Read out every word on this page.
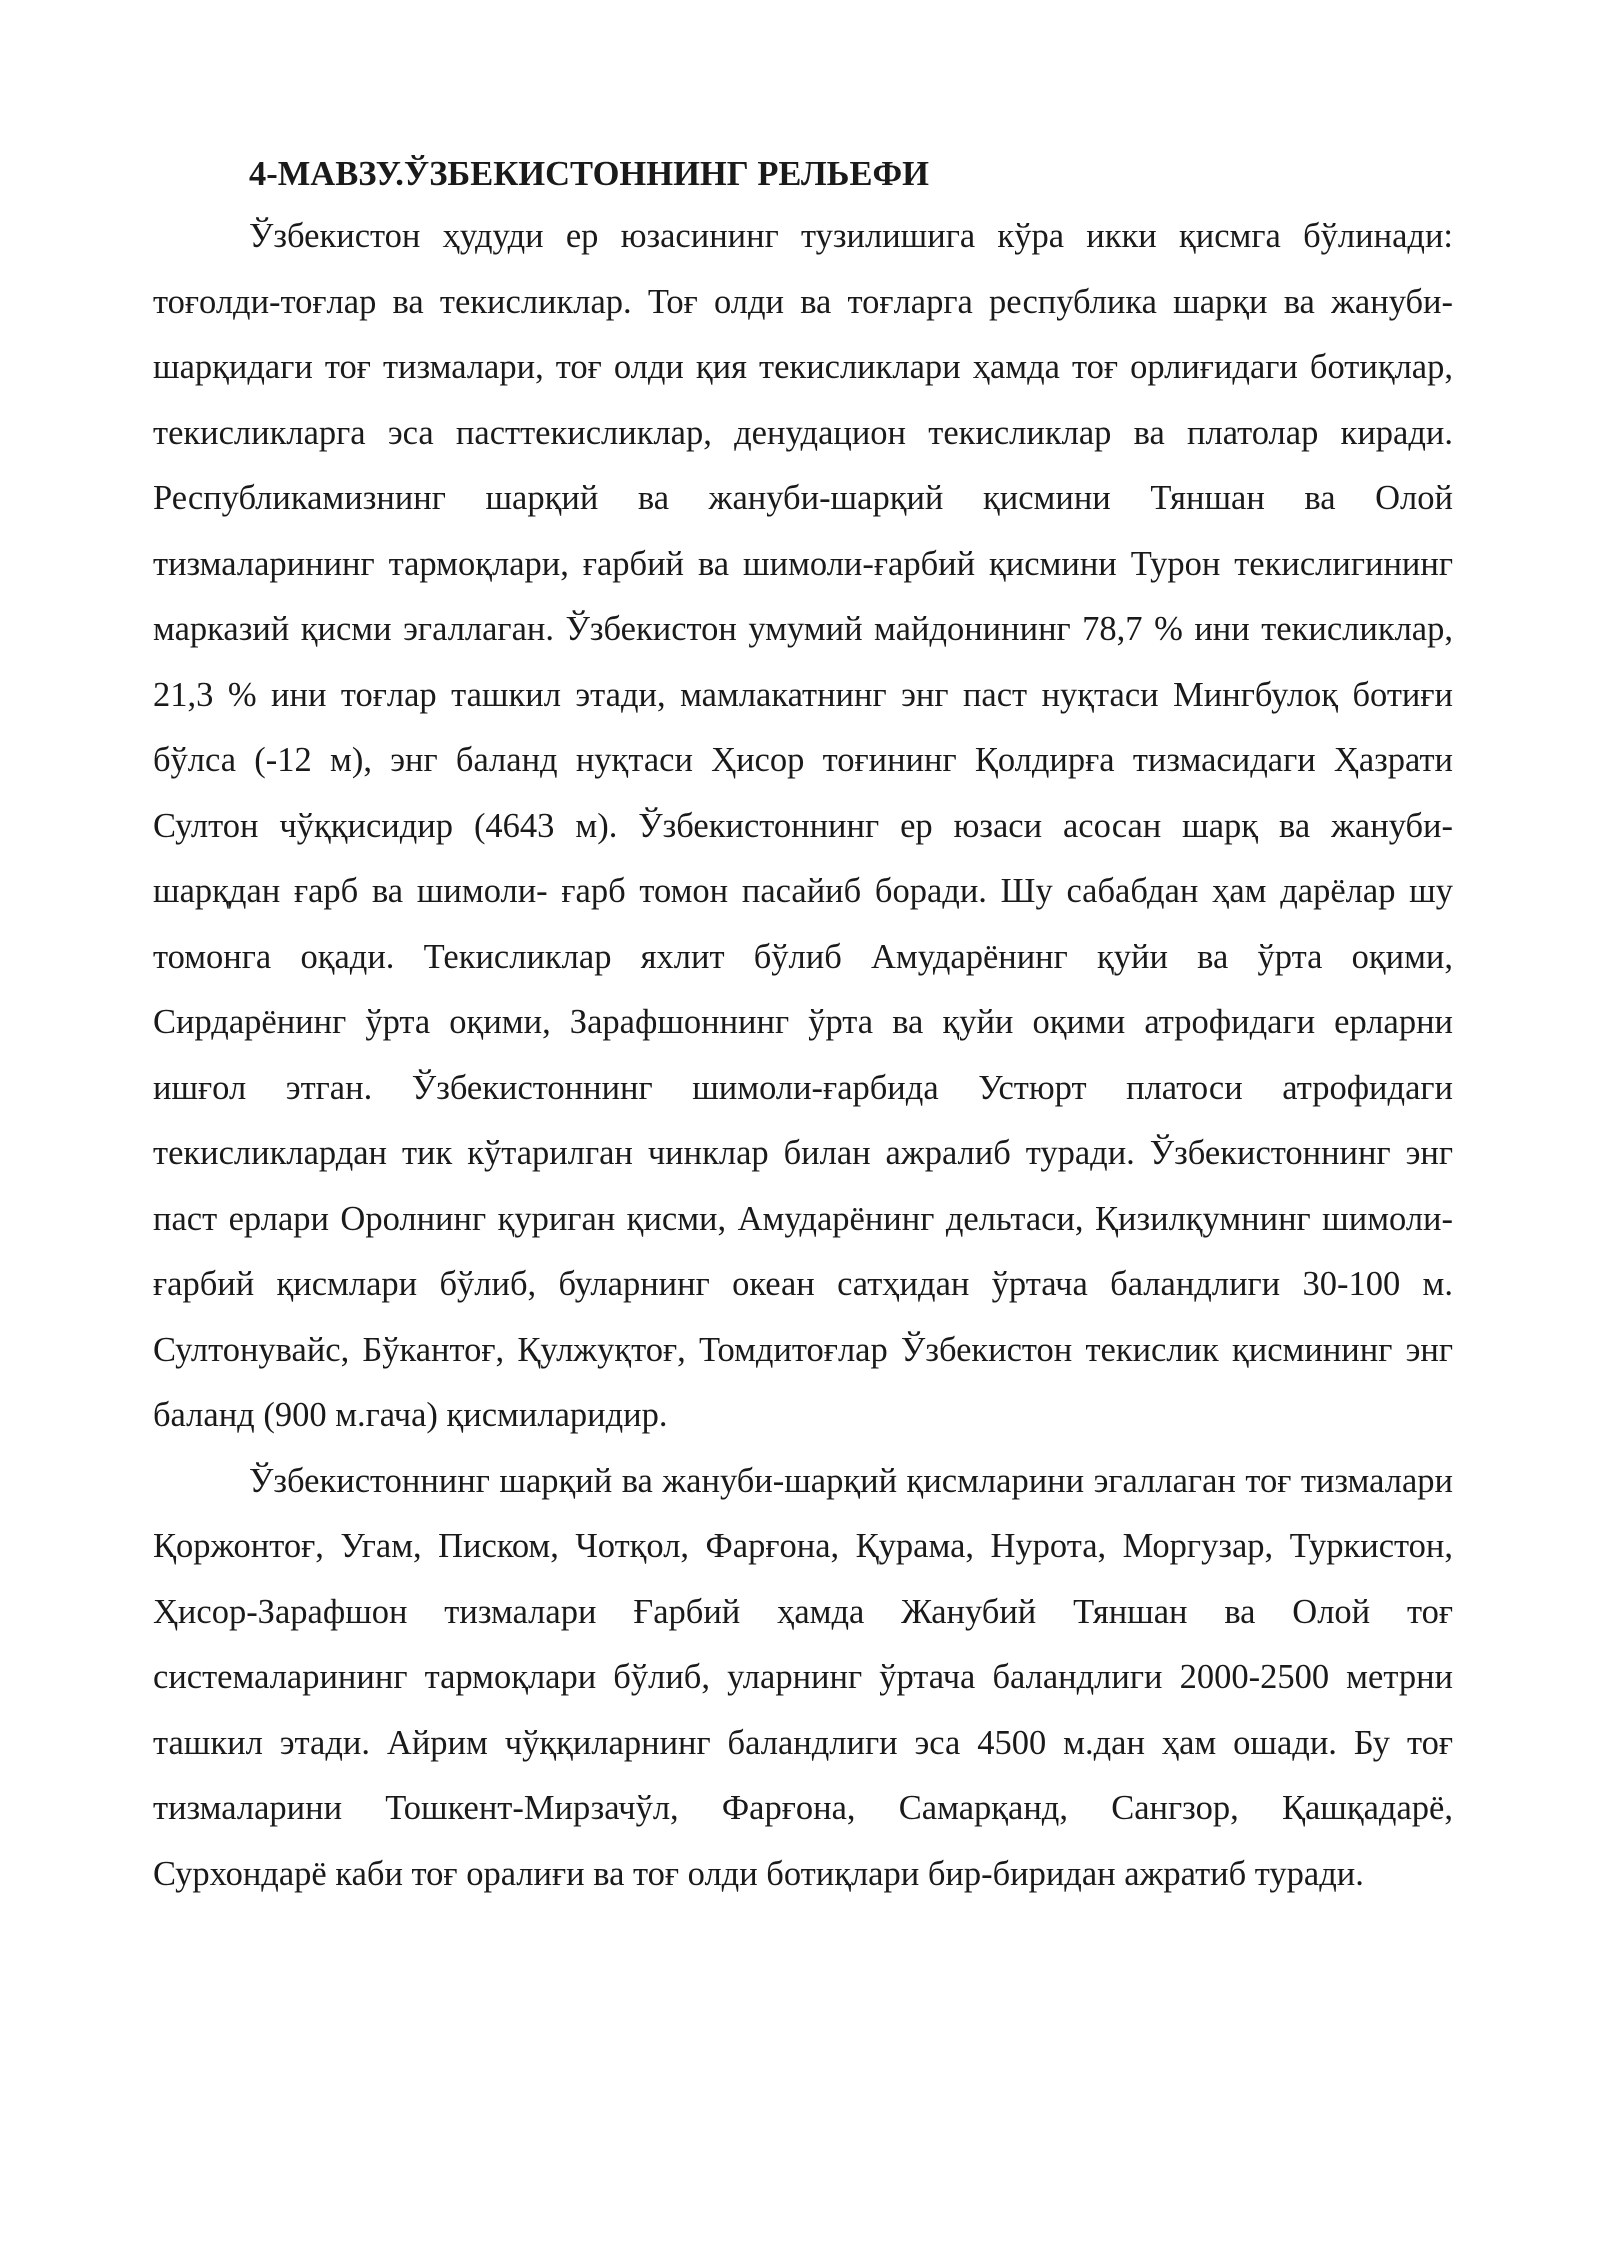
4-МАВЗУ.ЎЗБЕКИСТОННИНГ РЕЛЬЕФИ

Ўзбекистон ҳудуди ер юзасининг тузилишига кўра икки қисмга бўлинади: тоғолди-тоғлар ва текисликлар. Тоғ олди ва тоғларга республика шарқи ва жануби-шарқидаги тоғ тизмалари, тоғ олди қия текисликлари ҳамда тоғ орлиғидаги ботиқлар, текисликларга эса пасттекисликлар, денудацион текисликлар ва платолар киради. Республикамизнинг шарқий ва жануби-шарқий қисмини Тяншан ва Олой тизмаларининг тармоқлари, ғарбий ва шимоли-ғарбий қисмини Турон текислигининг марказий қисми эгаллаган. Ўзбекистон умумий майдонининг 78,7 % ини текисликлар, 21,3 % ини тоғлар ташкил этади, мамлакатнинг энг паст нуқтаси Мингбулоқ ботиғи бўлса (-12 м), энг баланд нуқтаси Ҳисор тоғининг Қолдирға тизмасидаги Ҳазрати Султон чўққисидир (4643 м). Ўзбекистоннинг ер юзаси асосан шарқ ва жануби-шарқдан ғарб ва шимоли- ғарб томон пасайиб боради. Шу сабабдан ҳам дарёлар шу томонга оқади. Текисликлар яхлит бўлиб Амударёнинг қуйи ва ўрта оқими, Сирдарёнинг ўрта оқими, Зарафшоннинг ўрта ва қуйи оқими атрофидаги ерларни ишғол этган. Ўзбекистоннинг шимоли-ғарбида Устюрт платоси атрофидаги текисликлардан тик кўтарилган чинклар билан ажралиб туради. Ўзбекистоннинг энг паст ерлари Оролнинг қуриган қисми, Амударёнинг дельтаси, Қизилқумнинг шимоли-ғарбий қисмлари бўлиб, буларнинг океан сатҳидан ўртача баландлиги 30-100 м. Султонувайс, Бўкантоғ, Қулжуқтоғ, Томдитоғлар Ўзбекистон текислик қисмининг энг баланд (900 м.гача) қисмиларидир.

Ўзбекистоннинг шарқий ва жануби-шарқий қисмларини эгаллаган тоғ тизмалари Қоржонтоғ, Угам, Писком, Чотқол, Фарғона, Қурама, Нурота, Моргузар, Туркистон, Ҳисор-Зарафшон тизмалари Ғарбий ҳамда Жанубий Тяншан ва Олой тоғ системаларининг тармоқлари бўлиб, уларнинг ўртача баландлиги 2000-2500 метрни ташкил этади. Айрим чўққиларнинг баландлиги эса 4500 м.дан ҳам ошади. Бу тоғ тизмаларини Тошкент-Мирзачўл, Фарғона, Самарқанд, Сангзор, Қашқадарё, Сурхондарё каби тоғ оралиғи ва тоғ олди ботиқлари бир-биридан ажратиб туради.
